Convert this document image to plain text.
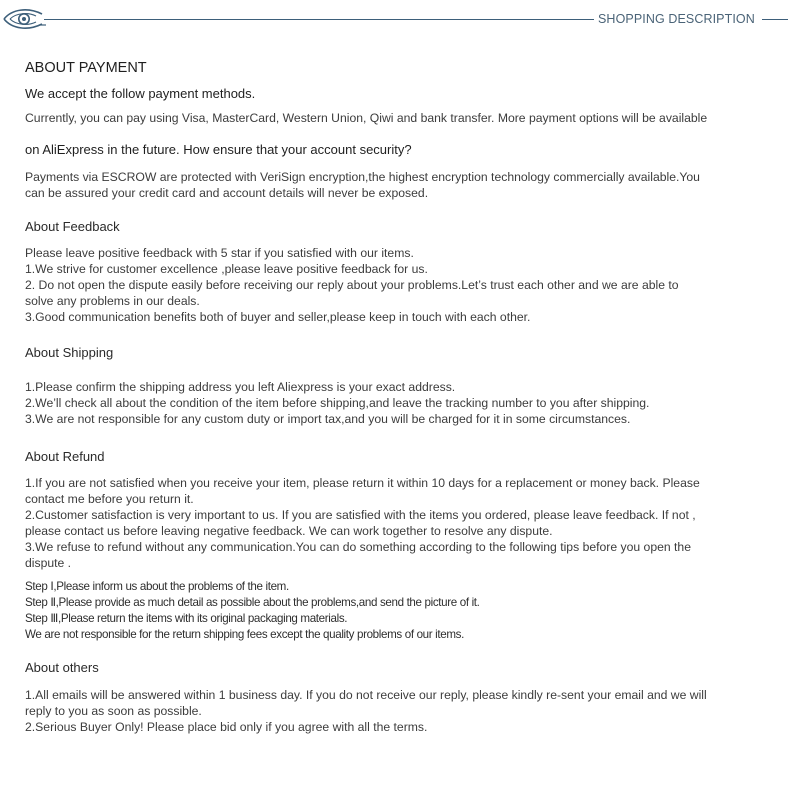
SHOPPING DESCRIPTION
ABOUT PAYMENT
We accept the follow payment methods.
Currently, you can pay using Visa, MasterCard, Western Union, Qiwi and bank transfer. More payment options will be available
on AliExpress in the future. How ensure that your account security?
Payments via ESCROW are protected with VeriSign encryption,the highest encryption technology commercially available.You
can be assured your credit card and account details will never be exposed.
About Feedback
Please leave positive feedback with 5 star if you satisfied with our items.
1.We strive for customer excellence ,please leave positive feedback for us.
2. Do not open the dispute easily before receiving our reply about your problems.Let’s trust each other and we are able to
solve any problems in our deals.
3.Good communication benefits both of buyer and seller,please keep in touch with each other.
About Shipping
1.Please confirm the shipping address you left Aliexpress is your exact address.
2.We’ll check all about the condition of the item before shipping,and leave the tracking number to you after shipping.
3.We are not responsible for any custom duty or import tax,and you will be charged for it in some circumstances.
About Refund
1.If you are not satisfied when you receive your item, please return it within 10 days for a replacement or money back. Please
contact me before you return it.
2.Customer satisfaction is very important to us. If you are satisfied with the items you ordered, please leave feedback. If not ,
please contact us before leaving negative feedback. We can work together to resolve any dispute.
3.We refuse to refund without any communication.You can do something according to the following tips before you open the
dispute .
Step Ⅰ,Please inform us about the problems of the item.
Step Ⅱ,Please provide as much detail as possible about the problems,and send the picture of it.
Step Ⅲ,Please return the items with its original packaging materials.
We are not responsible for the return shipping fees except the quality problems of our items.
About others
1.All emails will be answered within 1 business day. If you do not receive our reply, please kindly re-sent your email and we will
reply to you as soon as possible.
2.Serious Buyer Only! Please place bid only if you agree with all the terms.
